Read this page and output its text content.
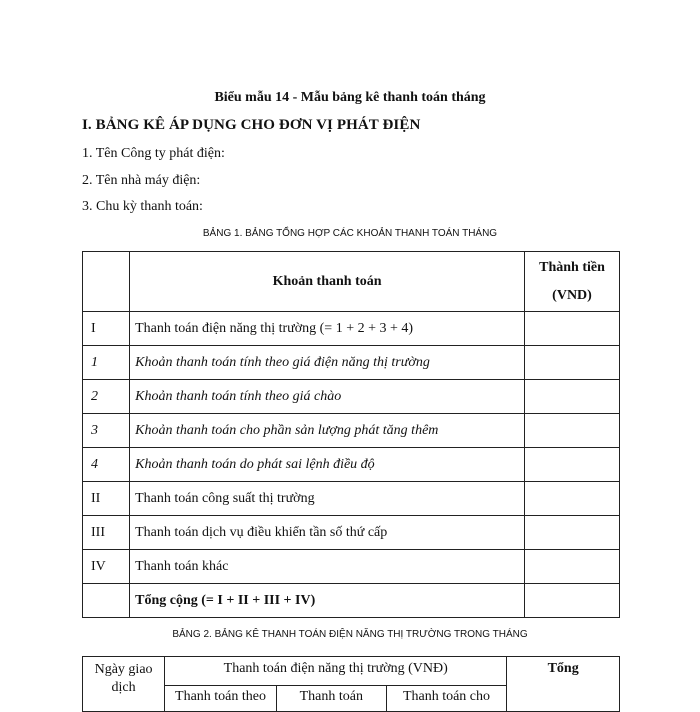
Biểu mẫu 14 - Mẫu bảng kê thanh toán tháng
I. BẢNG KÊ ÁP DỤNG CHO ĐƠN VỊ PHÁT ĐIỆN
1. Tên Công ty phát điện:
2. Tên nhà máy điện:
3. Chu kỳ thanh toán:
BẢNG 1. BẢNG TỔNG HỢP CÁC KHOẢN THANH TOÁN THÁNG
	Khoản thanh toán	Thành tiền
(VND)

I	Thanh toán điện năng thị trường (= 1 + 2 + 3 + 4)	
1	Khoản thanh toán tính theo giá điện năng thị trường	
2	Khoản thanh toán tính theo giá chào	
3	Khoản thanh toán cho phần sản lượng phát tăng thêm	
4	Khoản thanh toán do phát sai lệnh điều độ	
II	Thanh toán công suất thị trường	
III	Thanh toán dịch vụ điều khiển tần số thứ cấp	
IV	Thanh toán khác	
	Tổng cộng (= I + II + III + IV)	
BẢNG 2. BẢNG KÊ THANH TOÁN ĐIỆN NĂNG THỊ TRƯỜNG TRONG THÁNG
Ngày giao
dịch	Thanh toán điện năng thị trường (VNĐ)			Tổng
	Thanh toán theo	Thanh toán	Thanh toán cho	
